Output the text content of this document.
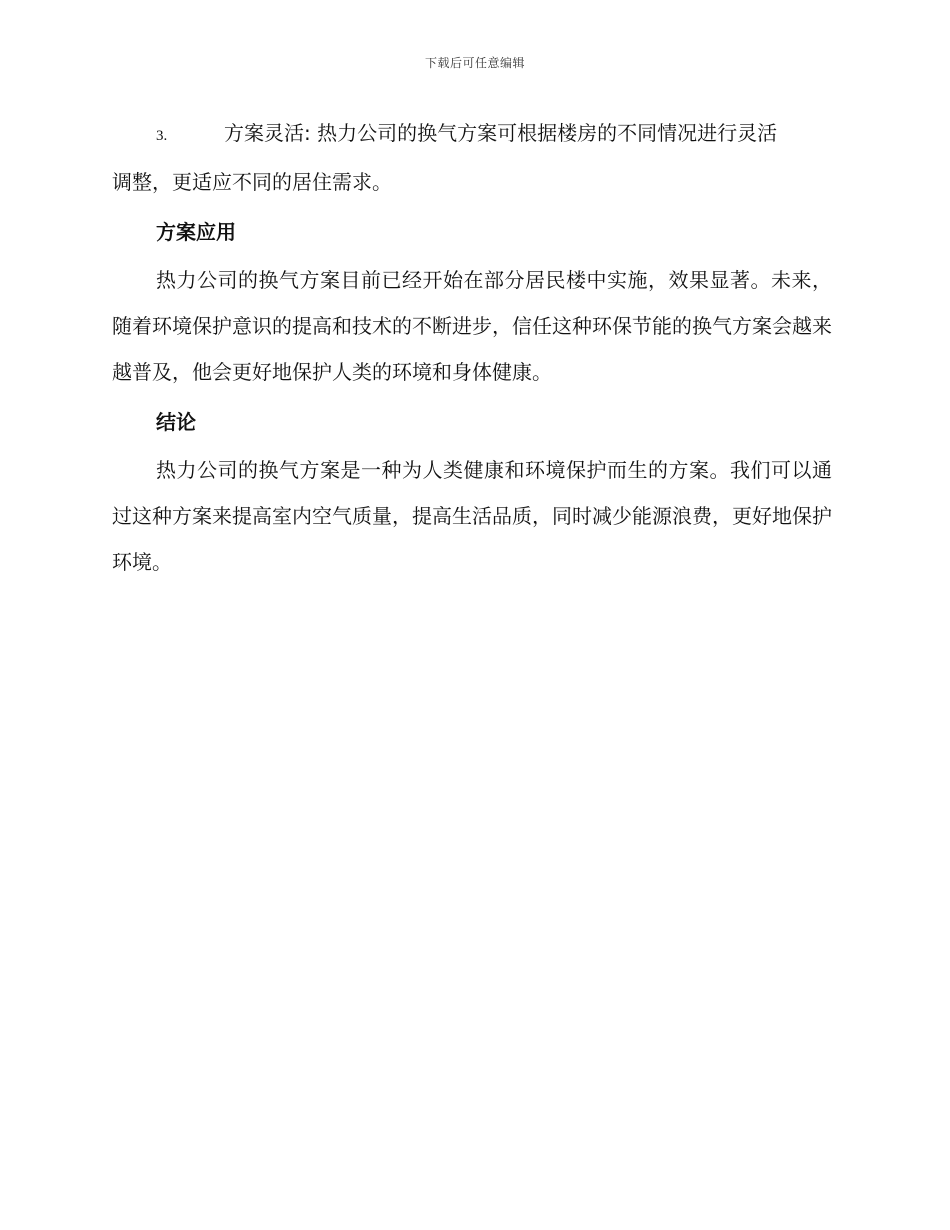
下载后可任意编辑

3.	方案灵活: 热力公司的换气方案可根据楼房的不同情况进行灵活
调整，更适应不同的居住需求。

方案应用

热力公司的换气方案目前已经开始在部分居民楼中实施，效果显著。未来，随着环境保护意识的提高和技术的不断进步，信任这种环保节能的换气方案会越来越普及，他会更好地保护人类的环境和身体健康。

结论

热力公司的换气方案是一种为人类健康和环境保护而生的方案。我们可以通过这种方案来提高室内空气质量，提高生活品质，同时减少能源浪费，更好地保护环境。
